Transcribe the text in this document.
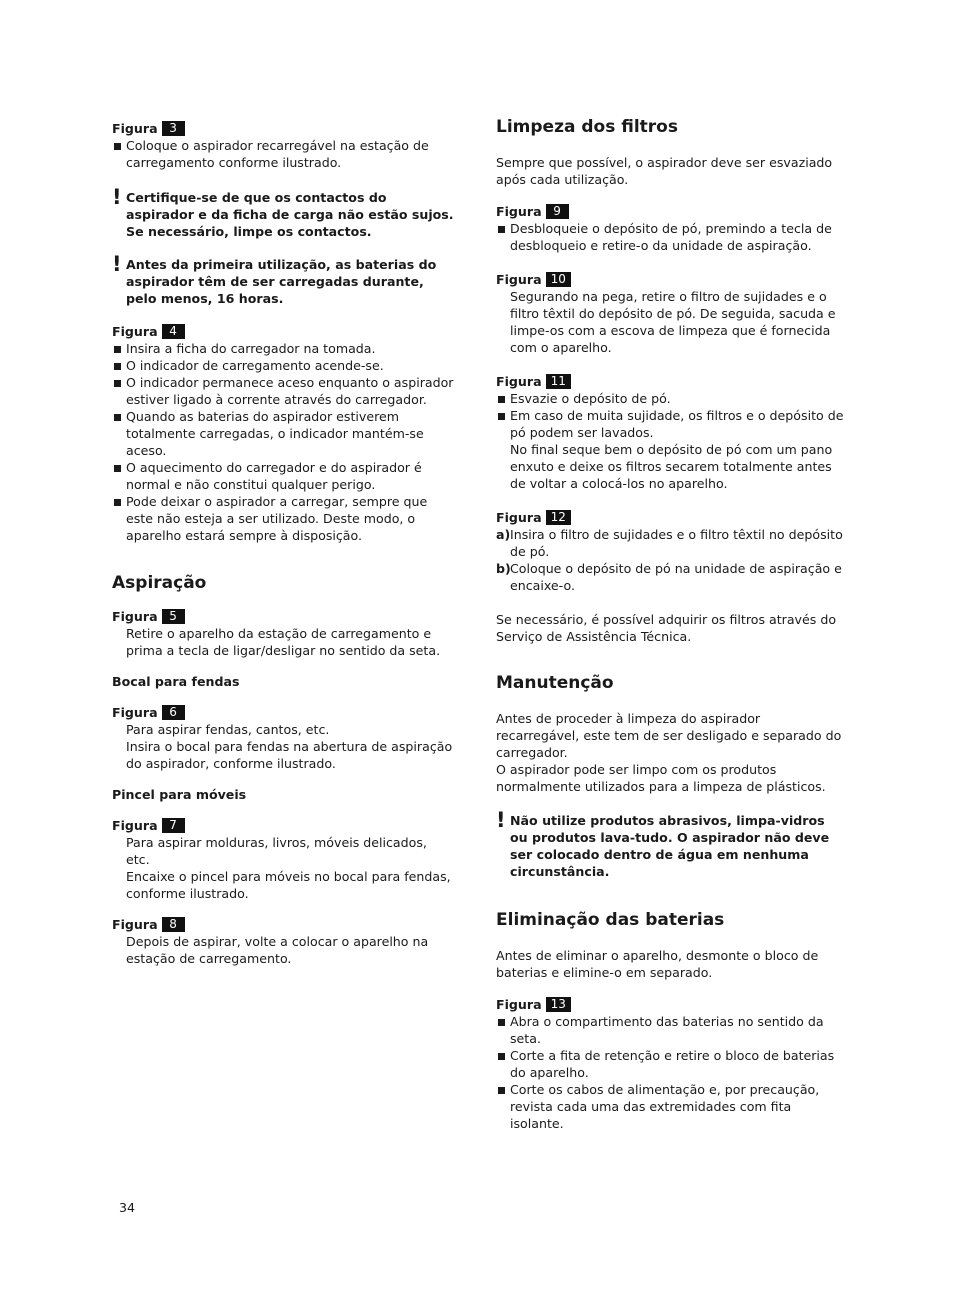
Figura 3
Coloque o aspirador recarregável na estação de carregamento conforme ilustrado.
! Certifique-se de que os contactos do aspirador e da ficha de carga não estão sujos. Se necessário, limpe os contactos.
! Antes da primeira utilização, as baterias do aspirador têm de ser carregadas durante, pelo menos, 16 horas.
Figura 4
Insira a ficha do carregador na tomada.
O indicador de carregamento acende-se.
O indicador permanece aceso enquanto o aspirador estiver ligado à corrente através do carregador.
Quando as baterias do aspirador estiverem totalmente carregadas, o indicador mantém-se aceso.
O aquecimento do carregador e do aspirador é normal e não constitui qualquer perigo.
Pode deixar o aspirador a carregar, sempre que este não esteja a ser utilizado. Deste modo, o aparelho estará sempre à disposição.
Aspiração
Figura 5
Retire o aparelho da estação de carregamento e prima a tecla de ligar/desligar no sentido da seta.
Bocal para fendas
Figura 6
Para aspirar fendas, cantos, etc.
Insira o bocal para fendas na abertura de aspiração do aspirador, conforme ilustrado.
Pincel para móveis
Figura 7
Para aspirar molduras, livros, móveis delicados, etc.
Encaixe o pincel para móveis no bocal para fendas, conforme ilustrado.
Figura 8
Depois de aspirar, volte a colocar o aparelho na estação de carregamento.
Limpeza dos filtros

Sempre que possível, o aspirador deve ser esvaziado após cada utilização.

Figura 9
Desbloqueie o depósito de pó, premindo a tecla de desbloqueio e retire-o da unidade de aspiração.
Figura 10
Segurando na pega, retire o filtro de sujidades e o filtro têxtil do depósito de pó. De seguida, sacuda e limpe-os com a escova de limpeza que é fornecida com o aparelho.
Figura 11
Esvazie o depósito de pó.
Em caso de muita sujidade, os filtros e o depósito de pó podem ser lavados.
No final seque bem o depósito de pó com um pano enxuto e deixe os filtros secarem totalmente antes de voltar a colocá-los no aparelho.
Figura 12
a) Insira o filtro de sujidades e o filtro têxtil no depósito de pó.
b) Coloque o depósito de pó na unidade de aspiração e encaixe-o.

Se necessário, é possível adquirir os filtros através do Serviço de Assistência Técnica.

Manutenção

Antes de proceder à limpeza do aspirador recarregável, este tem de ser desligado e separado do carregador.
O aspirador pode ser limpo com os produtos normalmente utilizados para a limpeza de plásticos.

! Não utilize produtos abrasivos, limpa-vidros ou produtos lava-tudo. O aspirador não deve ser colocado dentro de água em nenhuma circunstância.
Eliminação das baterias

Antes de eliminar o aparelho, desmonte o bloco de baterias e elimine-o em separado.

Figura 13
Abra o compartimento das baterias no sentido da seta.
Corte a fita de retenção e retire o bloco de baterias do aparelho.
Corte os cabos de alimentação e, por precaução, revista cada uma das extremidades com fita isolante.
34
